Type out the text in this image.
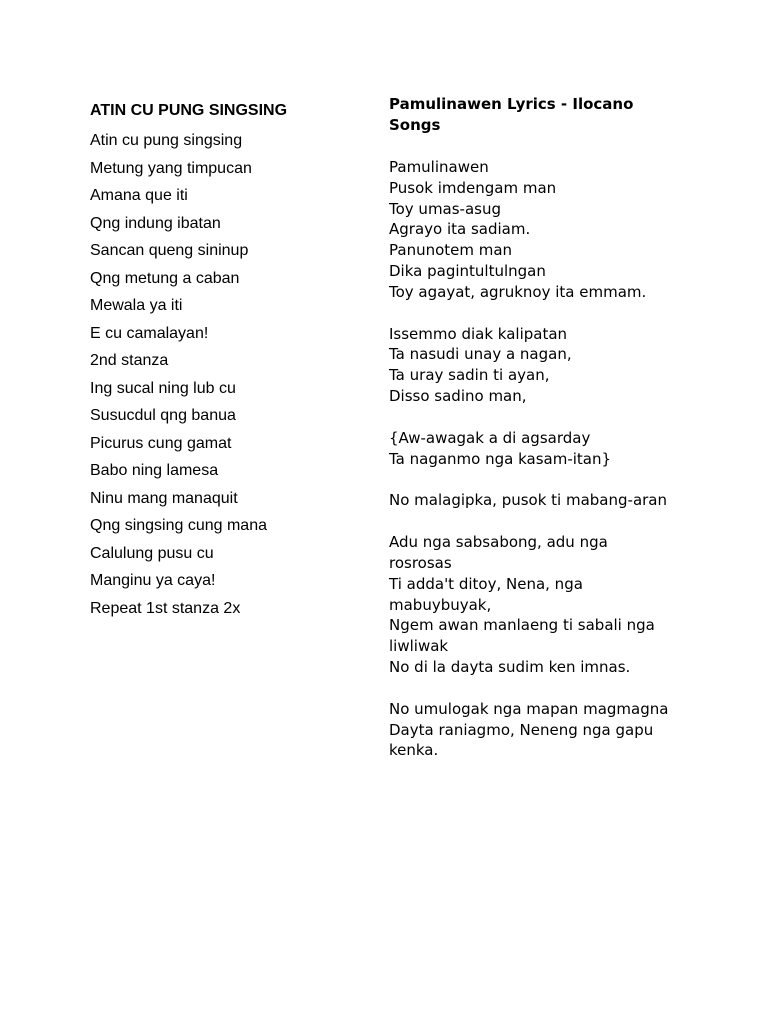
ATIN CU PUNG SINGSING
Atin cu pung singsing
Metung yang timpucan
Amana que iti
Qng indung ibatan
Sancan queng sininup
Qng metung a caban
Mewala ya iti
E cu camalayan!
2nd stanza
Ing sucal ning lub cu
Susucdul qng banua
Picurus cung gamat
Babo ning lamesa
Ninu mang manaquit
Qng singsing cung mana
Calulung pusu cu
Manginu ya caya!
Repeat 1st stanza 2x
Pamulinawen Lyrics - Ilocano
Songs
Pamulinawen
Pusok imdengam man
Toy umas-asug
Agrayo ita sadiam.
Panunotem man
Dika pagintultulngan
Toy agayat, agruknoy ita emmam.
Issemmo diak kalipatan
Ta nasudi unay a nagan,
Ta uray sadin ti ayan,
Disso sadino man,
{Aw-awagak a di agsarday
Ta naganmo nga kasam-itan}
No malagipka, pusok ti mabang-aran
Adu nga sabsabong, adu nga
rosrosas
Ti adda't ditoy, Nena, nga
mabuybuyak,
Ngem awan manlaeng ti sabali nga
liwliwak
No di la dayta sudim ken imnas.
No umulogak nga mapan magmagna
Dayta raniagmo, Neneng nga gapu
kenka.
